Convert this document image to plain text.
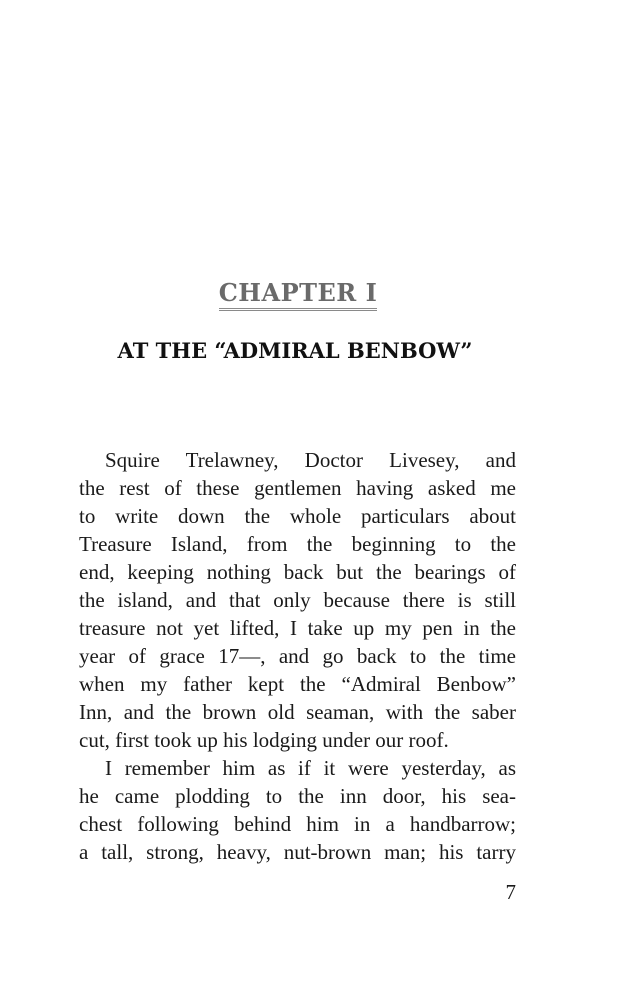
CHAPTER I
AT THE “ADMIRAL BENBOW”
Squire Trelawney, Doctor Livesey, and
the rest of these gentlemen having asked me
to write down the whole particulars about
Treasure Island, from the beginning to the
end, keeping nothing back but the bearings of
the island, and that only because there is still
treasure not yet lifted, I take up my pen in the
year of grace 17—, and go back to the time
when my father kept the “Admiral Benbow”
Inn, and the brown old seaman, with the saber
cut, first took up his lodging under our roof.
I remember him as if it were yesterday, as
he came plodding to the inn door, his sea-
chest following behind him in a handbarrow;
a tall, strong, heavy, nut-brown man; his tarry
7
